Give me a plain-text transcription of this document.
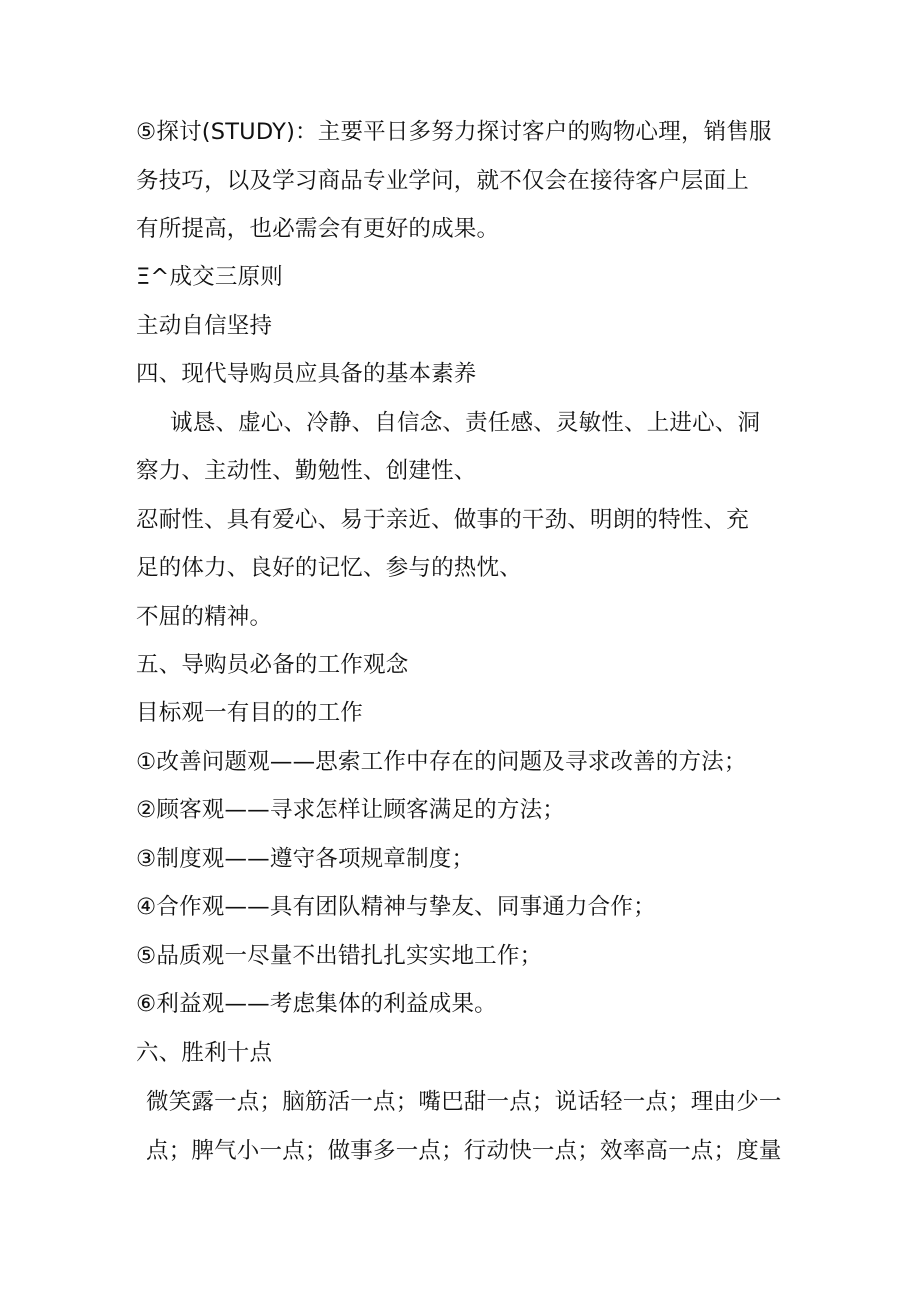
⑤探讨(STUDY)：主要平日多努力探讨客户的购物心理，销售服
务技巧，以及学习商品专业学问，就不仅会在接待客户层面上
有所提高，也必需会有更好的成果。
Ξ^成交三原则
主动自信坚持
四、现代导购员应具备的基本素养
诚恳、虚心、冷静、自信念、责任感、灵敏性、上进心、洞
察力、主动性、勤勉性、创建性、
忍耐性、具有爱心、易于亲近、做事的干劲、明朗的特性、充
足的体力、良好的记忆、参与的热忱、
不屈的精神。
五、导购员必备的工作观念
目标观一有目的的工作
①改善问题观——思索工作中存在的问题及寻求改善的方法；
②顾客观——寻求怎样让顾客满足的方法；
③制度观——遵守各项规章制度；
④合作观——具有团队精神与挚友、同事通力合作；
⑤品质观一尽量不出错扎扎实实地工作；
⑥利益观——考虑集体的利益成果。
六、胜利十点
微笑露一点；脑筋活一点；嘴巴甜一点；说话轻一点；理由少一
点；脾气小一点；做事多一点；行动快一点；效率高一点；度量
